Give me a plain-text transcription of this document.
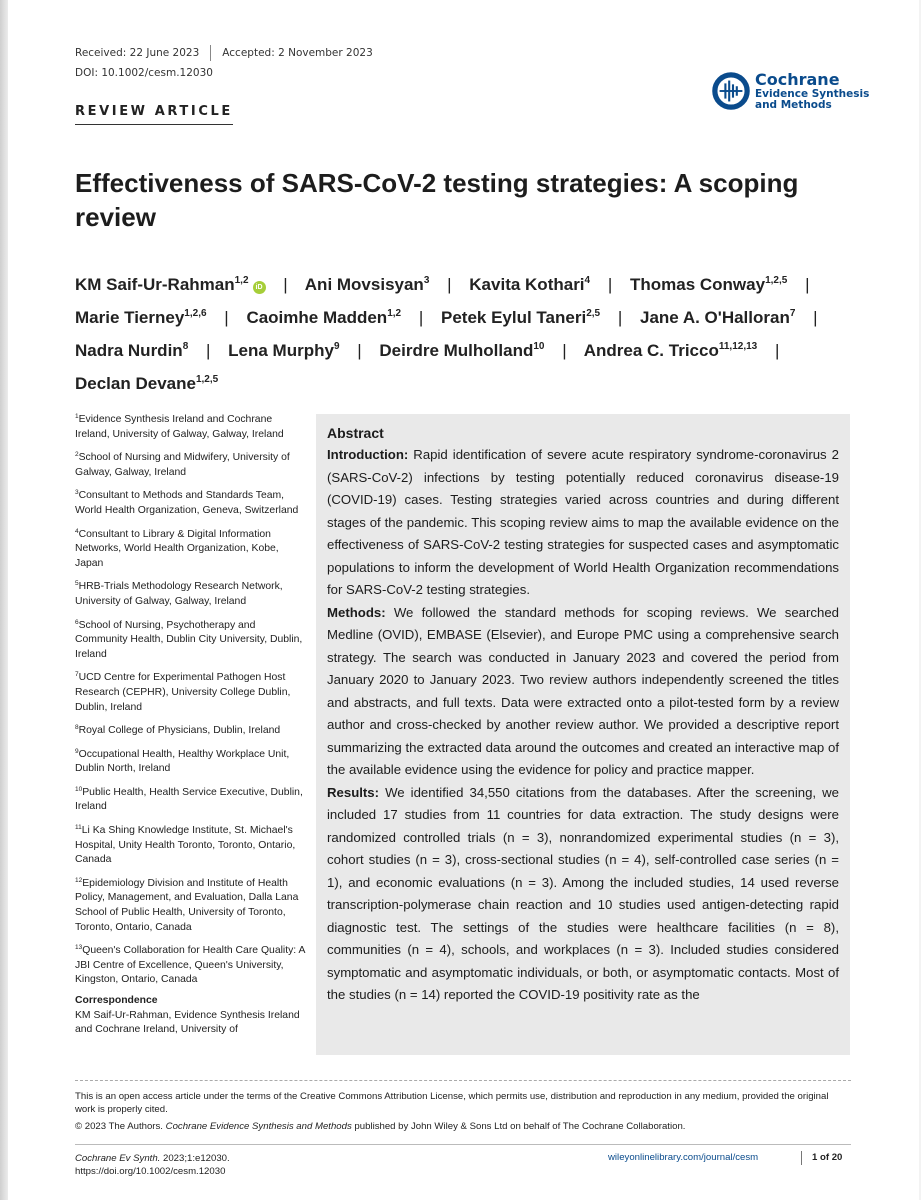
Received: 22 June 2023 Accepted: 2 November 2023
DOI: 10.1002/cesm.12030	Cochrane
Evidence Synthesis
and Methods
REVIEW ARTICLE
Effectiveness of SARS-CoV-2 testing strategies: A scoping review
KM Saif-Ur-Rahman$^{1,2}$iD | Ani Movsisyan$^3$ | Kavita Kothari$^4$ | Thomas Conway$^{1,2,5}$ | Marie Tierney$^{1,2,6}$ | Caoimhe Madden$^{1,2}$ | Petek Eylul Taneri$^{2,5}$ | Jane A. O'Halloran$^7$ | Nadra Nurdin$^8$ | Lena Murphy$^9$ | Deirdre Mulholland$^{10}$ | Andrea C. Tricco$^{11,12,13}$ | Declan Devane$^{1,2,5}$
$^1$Evidence Synthesis Ireland and Cochrane Ireland, University of Galway, Galway, Ireland
$^2$School of Nursing and Midwifery, University of Galway, Galway, Ireland
$^3$Consultant to Methods and Standards Team, World Health Organization, Geneva, Switzerland
$^4$Consultant to Library & Digital Information Networks, World Health Organization, Kobe, Japan
$^5$HRB-Trials Methodology Research Network, University of Galway, Galway, Ireland
$^6$School of Nursing, Psychotherapy and Community Health, Dublin City University, Dublin, Ireland
$^7$UCD Centre for Experimental Pathogen Host Research (CEPHR), University College Dublin, Dublin, Ireland
$^8$Royal College of Physicians, Dublin, Ireland
$^9$Occupational Health, Healthy Workplace Unit, Dublin North, Ireland
$^{10}$Public Health, Health Service Executive, Dublin, Ireland
$^{11}$Li Ka Shing Knowledge Institute, St. Michael's Hospital, Unity Health Toronto, Toronto, Ontario, Canada
$^{12}$Epidemiology Division and Institute of Health Policy, Management, and Evaluation, Dalla Lana School of Public Health, University of Toronto, Toronto, Ontario, Canada
$^{13}$Queen's Collaboration for Health Care Quality: A JBI Centre of Excellence, Queen's University, Kingston, Ontario, Canada
Correspondence
KM Saif-Ur-Rahman, Evidence Synthesis Ireland and Cochrane Ireland, University of
Abstract

Introduction: Rapid identification of severe acute respiratory syndrome-coronavirus 2 (SARS-CoV-2) infections by testing potentially reduced coronavirus disease-19 (COVID-19) cases. Testing strategies varied across countries and during different stages of the pandemic. This scoping review aims to map the available evidence on the effectiveness of SARS-CoV-2 testing strategies for suspected cases and asymptomatic populations to inform the development of World Health Organization recommendations for SARS-CoV-2 testing strategies.

Methods: We followed the standard methods for scoping reviews. We searched Medline (OVID), EMBASE (Elsevier), and Europe PMC using a comprehensive search strategy. The search was conducted in January 2023 and covered the period from January 2020 to January 2023. Two review authors independently screened the titles and abstracts, and full texts. Data were extracted onto a pilot-tested form by a review author and cross-checked by another review author. We provided a descriptive report summarizing the extracted data around the outcomes and created an interactive map of the available evidence using the evidence for policy and practice mapper.

Results: We identified 34,550 citations from the databases. After the screening, we included 17 studies from 11 countries for data extraction. The study designs were randomized controlled trials (n = 3), nonrandomized experimental studies (n = 3), cohort studies (n = 3), cross-sectional studies (n = 4), self-controlled case series (n = 1), and economic evaluations (n = 3). Among the included studies, 14 used reverse transcription-polymerase chain reaction and 10 studies used antigen-detecting rapid diagnostic test. The settings of the studies were healthcare facilities (n = 8), communities (n = 4), schools, and workplaces (n = 3). Included studies considered symptomatic and asymptomatic individuals, or both, or asymptomatic contacts. Most of the studies (n = 14) reported the COVID-19 positivity rate as the

This is an open access article under the terms of the Creative Commons Attribution License, which permits use, distribution and reproduction in any medium, provided the original work is properly cited.
© 2023 The Authors. Cochrane Evidence Synthesis and Methods published by John Wiley & Sons Ltd on behalf of The Cochrane Collaboration.
Cochrane Ev Synth. 2023;1:e12030.
https://doi.org/10.1002/cesm.12030
wileyonlinelibrary.com/journal/cesm	1 of 20
